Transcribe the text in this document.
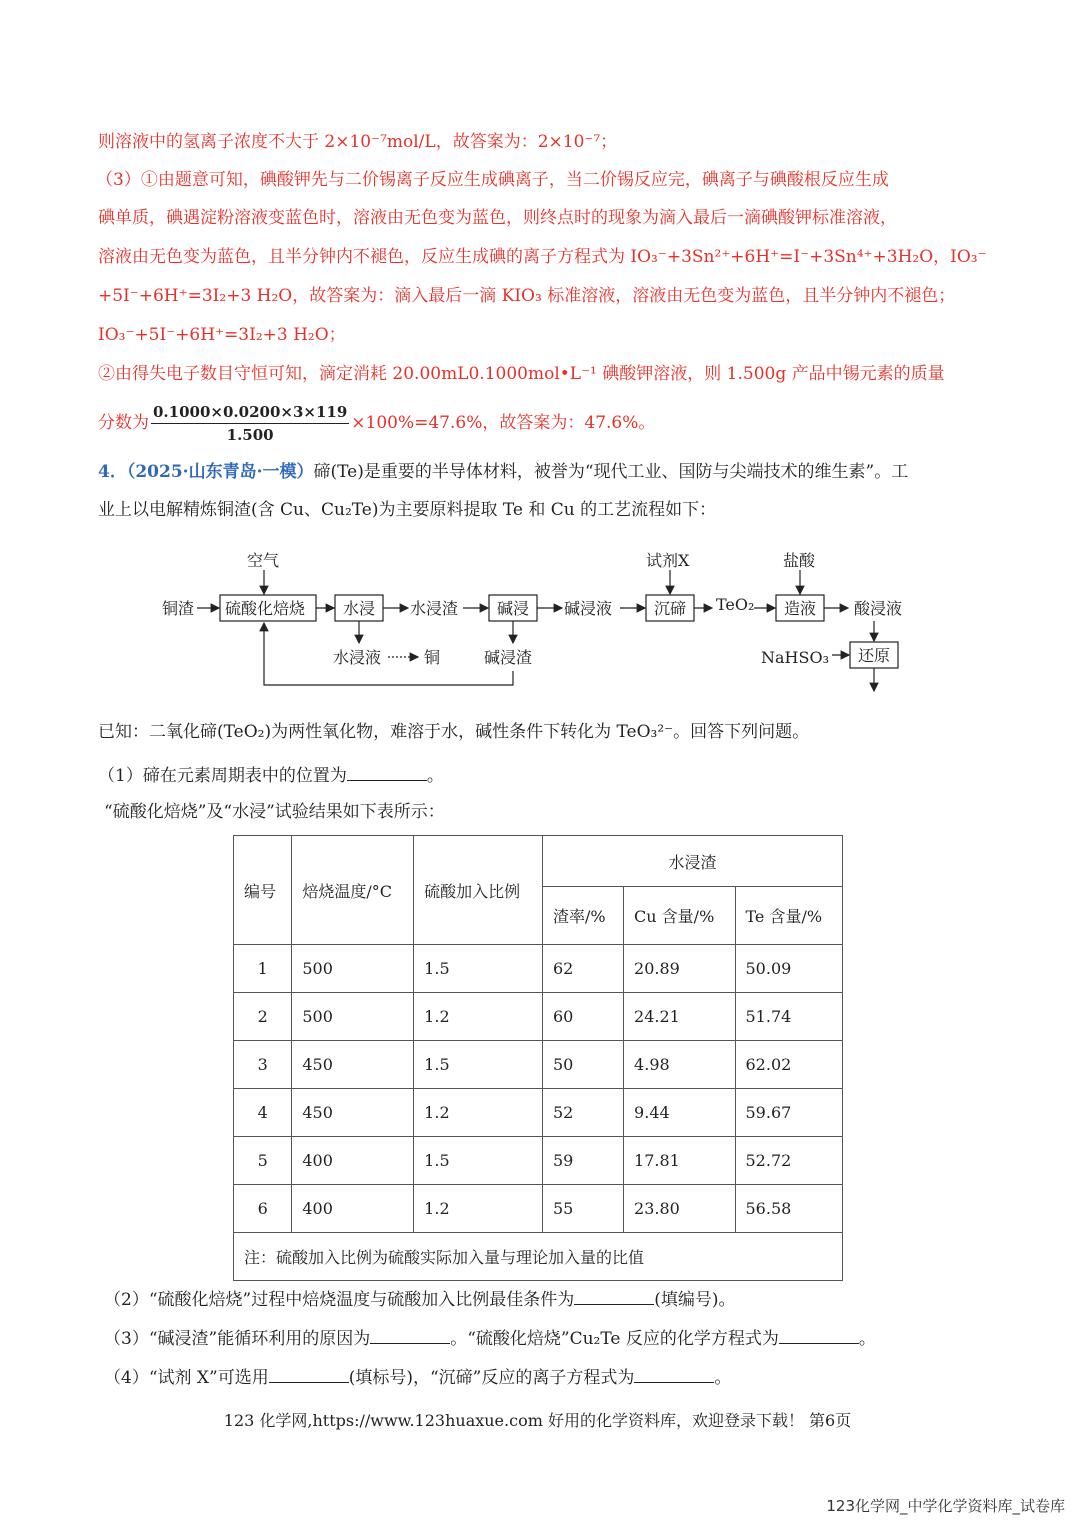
则溶液中的氢离子浓度不大于 2×10⁻⁷mol/L，故答案为：2×10⁻⁷；
（3）①由题意可知，碘酸钾先与二价锡离子反应生成碘离子，当二价锡反应完，碘离子与碘酸根反应生成
碘单质，碘遇淀粉溶液变蓝色时，溶液由无色变为蓝色，则终点时的现象为滴入最后一滴碘酸钾标准溶液，
溶液由无色变为蓝色，且半分钟内不褪色，反应生成碘的离子方程式为 IO₃⁻+3Sn²⁺+6H⁺=I⁻+3Sn⁴⁺+3H₂O，IO₃⁻
+5I⁻+6H⁺=3I₂+3 H₂O，故答案为：滴入最后一滴 KIO₃ 标准溶液，溶液由无色变为蓝色，且半分钟内不褪色；
IO₃⁻+5I⁻+6H⁺=3I₂+3 H₂O；
②由得失电子数目守恒可知，滴定消耗 20.00mL0.1000mol•L⁻¹ 碘酸钾溶液，则 1.500g 产品中锡元素的质量
分数为 $\frac{0.1000\times 0.0200\times 3\times 119}{1.500} \times 100\%=47.6\%$，故答案为：47.6%。
4．（2025·山东青岛·一模）碲(Te)是重要的半导体材料，被誉为“现代工业、国防与尖端技术的维生素”。工
业上以电解精炼铜渣(含 Cu、Cu₂Te)为主要原料提取 Te 和 Cu 的工艺流程如下：
空气
铜渣 硫酸化焙烧 水浸 水浸渣 碱浸 碱浸液
试剂X
沉碲 TeO₂
盐酸
造液 酸浸液
水浸液	铜	碱浸渣	NaHSO₃ 还原
已知：二氧化碲(TeO₂)为两性氧化物，难溶于水，碱性条件下转化为 TeO₃²⁻。回答下列问题。
（1）碲在元素周期表中的位置为	。
“硫酸化焙烧”及“水浸”试验结果如下表所示：
编号	焙烧温度/°C	硫酸加入比例	水浸渣		
			渣率/%	Cu 含量/%	Te 含量/%
1	500	1.5	62	20.89	50.09
2	500	1.2	60	24.21	51.74
3	450	1.5	50	4.98	62.02
4	450	1.2	52	9.44	59.67
5	400	1.5	59	17.81	52.72
6	400	1.2	55	23.80	56.58
注：硫酸加入比例为硫酸实际加入量与理论加入量的比值					
（2）“硫酸化焙烧”过程中焙烧温度与硫酸加入比例最佳条件为	(填编号)。
（3）“碱浸渣”能循环利用的原因为	。“硫酸化焙烧”Cu₂Te 反应的化学方程式为	。
（4）“试剂 X”可选用	(填标号)，“沉碲”反应的离子方程式为	。
123 化学网,https://www.123huaxue.com 好用的化学资料库，欢迎登录下载！ 第6页
123化学网_中学化学资料库_试卷库
